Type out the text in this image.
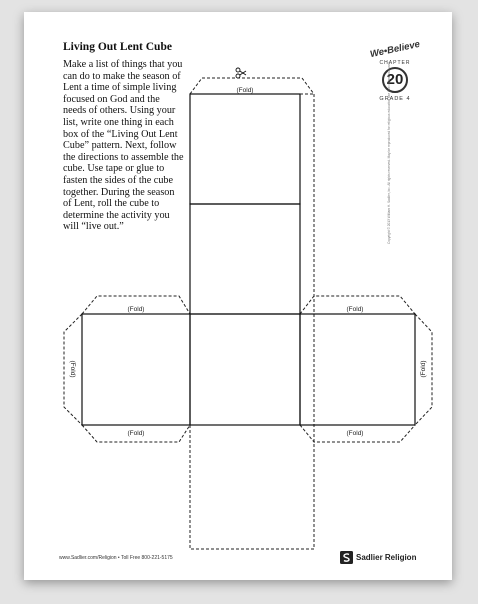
Living Out Lent Cube
Make a list of things that you can do to make the season of Lent a time of simple living focused on God and the needs of others. Using your list, write one thing in each box of the “Living Out Lent Cube” pattern. Next, follow the directions to assemble the cube. Use tape or glue to fasten the sides of the cube together. During the season of Lent, roll the cube to determine the activity you will “live out.”
We•Believe
CHAPTER
20
GRADE 4
(Fold)
(Fold)
(Fold)
(Fold)
(Fold)
(Fold)	(Fold)
Copyright © 2013 William H. Sadlier, Inc. All rights reserved. May be reproduced for religious education use (not commercial use).
www.Sadlier.com/Religion • Toll Free 800-221-5175	Sadlier Religion
